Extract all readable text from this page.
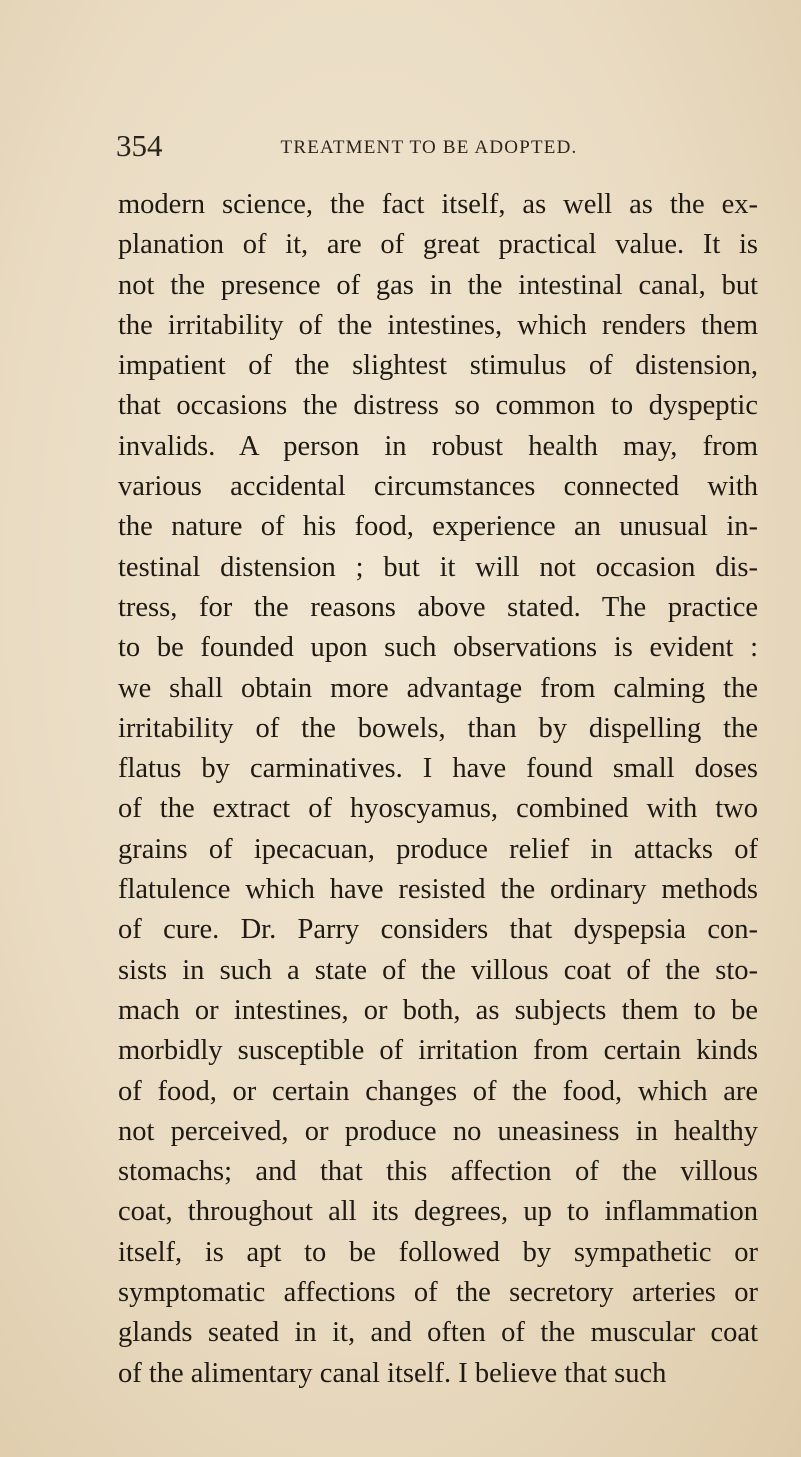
354	TREATMENT TO BE ADOPTED.
modern science, the fact itself, as well as the ex-
planation of it, are of great practical value. It is
not the presence of gas in the intestinal canal, but
the irritability of the intestines, which renders them
impatient of the slightest stimulus of distension,
that occasions the distress so common to dyspeptic
invalids. A person in robust health may, from
various accidental circumstances connected with
the nature of his food, experience an unusual in-
testinal distension ; but it will not occasion dis-
tress, for the reasons above stated. The practice
to be founded upon such observations is evident :
we shall obtain more advantage from calming the
irritability of the bowels, than by dispelling the
flatus by carminatives. I have found small doses
of the extract of hyoscyamus, combined with two
grains of ipecacuan, produce relief in attacks of
flatulence which have resisted the ordinary methods
of cure. Dr. Parry considers that dyspepsia con-
sists in such a state of the villous coat of the sto-
mach or intestines, or both, as subjects them to be
morbidly susceptible of irritation from certain kinds
of food, or certain changes of the food, which are
not perceived, or produce no uneasiness in healthy
stomachs; and that this affection of the villous
coat, throughout all its degrees, up to inflammation
itself, is apt to be followed by sympathetic or
symptomatic affections of the secretory arteries or
glands seated in it, and often of the muscular coat
of the alimentary canal itself. I believe that such
